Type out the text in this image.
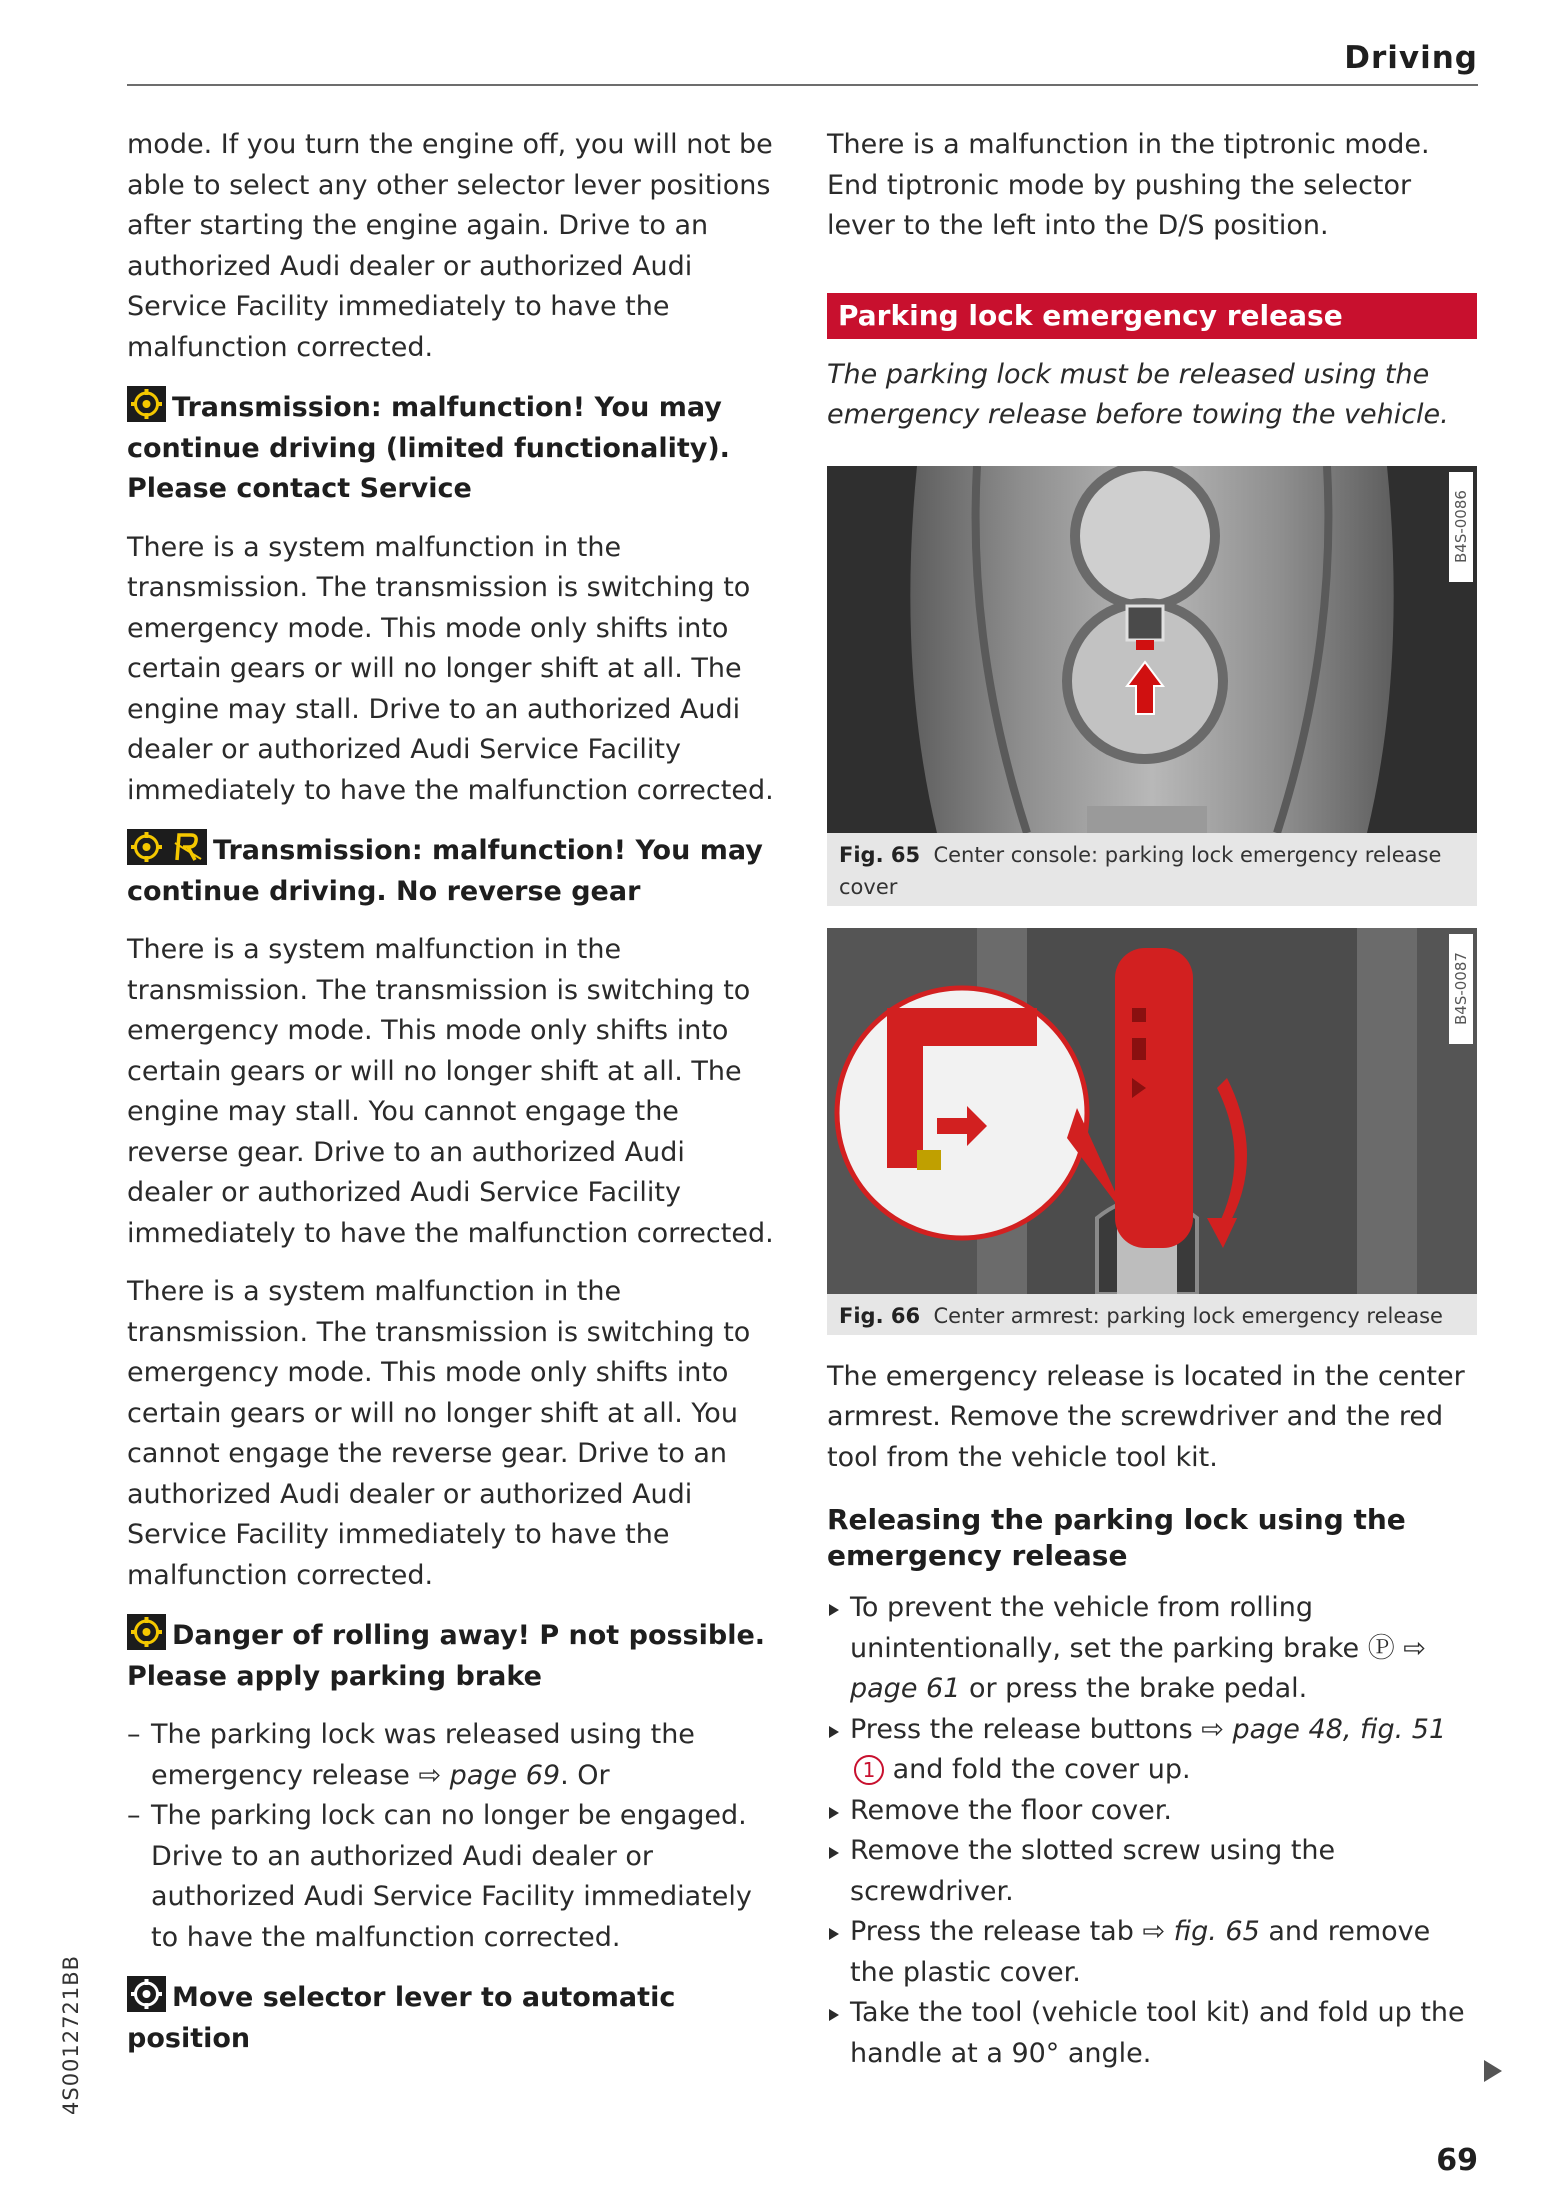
Driving

mode. If you turn the engine off, you will not be able to select any other selector lever positions after starting the engine again. Drive to an authorized Audi dealer or authorized Audi Service Facility immediately to have the malfunction corrected.

Transmission: malfunction! You may continue driving (limited functionality). Please contact Service

There is a system malfunction in the transmission. The transmission is switching to emergency mode. This mode only shifts into certain gears or will no longer shift at all. The engine may stall. Drive to an authorized Audi dealer or authorized Audi Service Facility immediately to have the malfunction corrected.

Transmission: malfunction! You may continue driving. No reverse gear

There is a system malfunction in the transmission. The transmission is switching to emergency mode. This mode only shifts into certain gears or will no longer shift at all. The engine may stall. You cannot engage the reverse gear. Drive to an authorized Audi dealer or authorized Audi Service Facility immediately to have the malfunction corrected.

There is a system malfunction in the transmission. The transmission is switching to emergency mode. This mode only shifts into certain gears or will no longer shift at all. You cannot engage the reverse gear. Drive to an authorized Audi dealer or authorized Audi Service Facility immediately to have the malfunction corrected.

Danger of rolling away! P not possible. Please apply parking brake
– The parking lock was released using the emergency release ⇨ page 69. Or
– The parking lock can no longer be engaged. Drive to an authorized Audi dealer or authorized Audi Service Facility immediately to have the malfunction corrected.
Move selector lever to automatic position

There is a malfunction in the tiptronic mode. End tiptronic mode by pushing the selector lever to the left into the D/S position.

Parking lock emergency release

The parking lock must be released using the emergency release before towing the vehicle.

B4S-0086
Fig. 65 Center console: parking lock emergency release cover
B4S-0087
Fig. 66 Center armrest: parking lock emergency release

The emergency release is located in the center armrest. Remove the screwdriver and the red tool from the vehicle tool kit.

Releasing the parking lock using the emergency release
To prevent the vehicle from rolling unintentionally, set the parking brake Ⓟ ⇨ page 61 or press the brake pedal.
Press the release buttons ⇨ page 48, fig. 511 and fold the cover up.
Remove the floor cover.
Remove the slotted screw using the screwdriver.
Press the release tab ⇨ fig. 65 and remove the plastic cover.
Take the tool (vehicle tool kit) and fold up the handle at a 90° angle.
4S0012721BB
69
